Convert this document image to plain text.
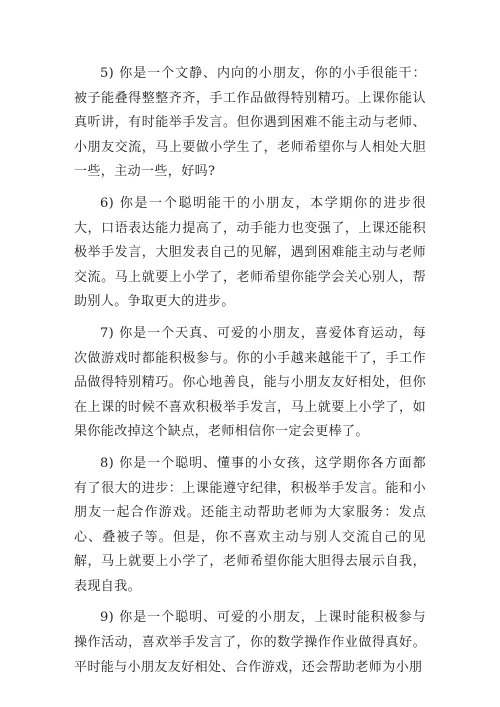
5) 你是一个文静、内向的小朋友，你的小手很能干：被子能叠得整整齐齐，手工作品做得特别精巧。上课你能认真听讲，有时能举手发言。但你遇到困难不能主动与老师、小朋友交流，马上要做小学生了，老师希望你与人相处大胆一些，主动一些，好吗?

6) 你是一个聪明能干的小朋友，本学期你的进步很大，口语表达能力提高了，动手能力也变强了，上课还能积极举手发言，大胆发表自己的见解，遇到困难能主动与老师交流。马上就要上小学了，老师希望你能学会关心别人，帮助别人。争取更大的进步。

7) 你是一个天真、可爱的小朋友，喜爱体育运动，每次做游戏时都能积极参与。你的小手越来越能干了，手工作品做得特别精巧。你心地善良，能与小朋友友好相处，但你在上课的时候不喜欢积极举手发言，马上就要上小学了，如果你能改掉这个缺点，老师相信你一定会更棒了。

8) 你是一个聪明、懂事的小女孩，这学期你各方面都有了很大的进步：上课能遵守纪律，积极举手发言。能和小朋友一起合作游戏。还能主动帮助老师为大家服务：发点心、叠被子等。但是，你不喜欢主动与别人交流自己的见解，马上就要上小学了，老师希望你能大胆得去展示自我，表现自我。

9) 你是一个聪明、可爱的小朋友，上课时能积极参与操作活动，喜欢举手发言了，你的数学操作作业做得真好。平时能与小朋友友好相处、合作游戏，还会帮助老师为小朋
